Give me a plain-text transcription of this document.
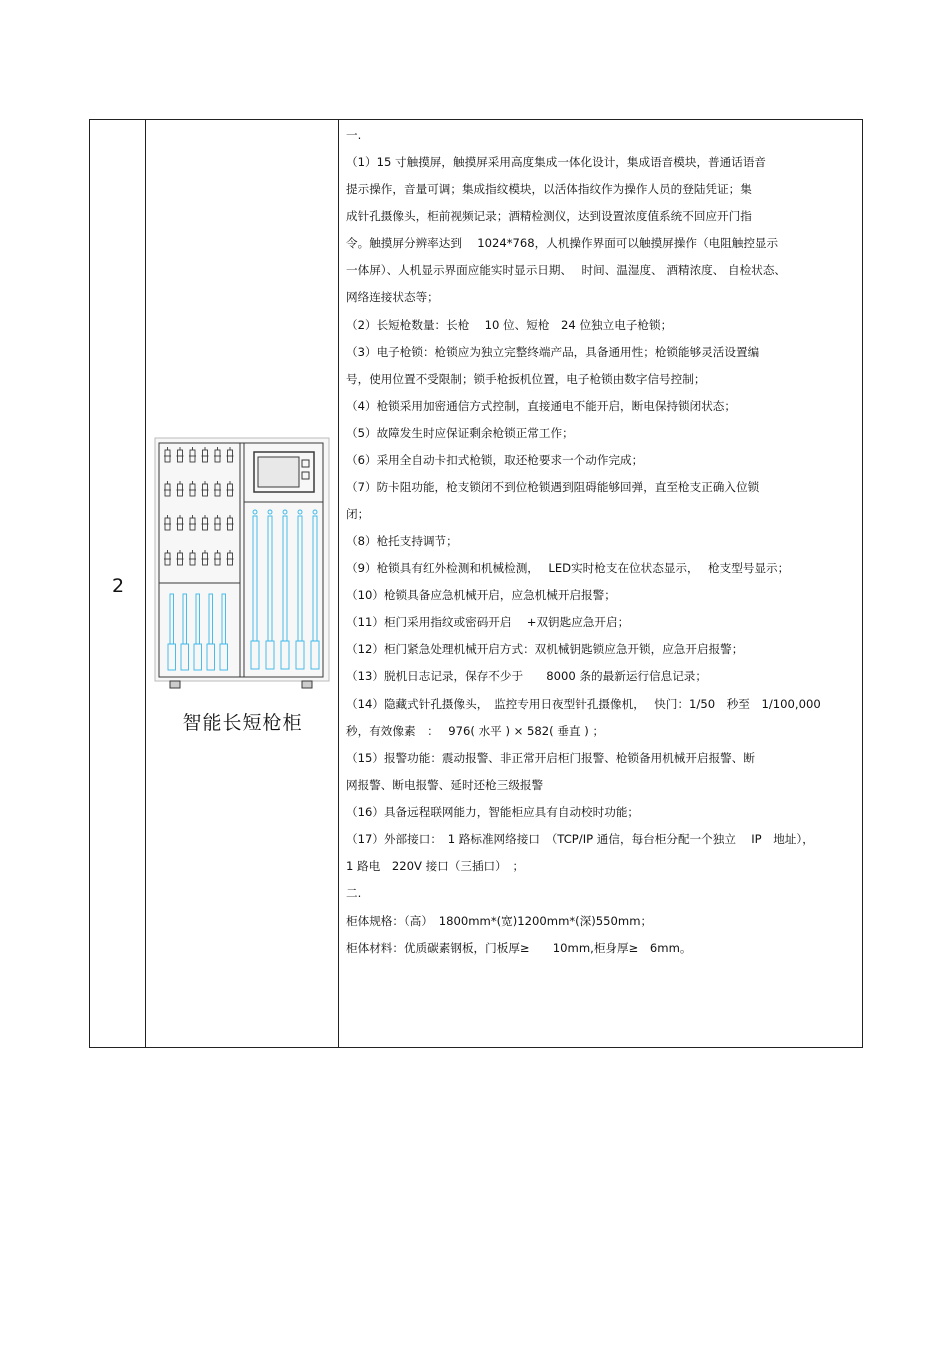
2
智能长短枪柜
一.
（1）15 寸触摸屏，触摸屏采用高度集成一体化设计，集成语音模块，普通话语音
提示操作，音量可调；集成指纹模块，以活体指纹作为操作人员的登陆凭证；集
成针孔摄像头，柜前视频记录；酒精检测仪，达到设置浓度值系统不回应开门指
令。触摸屏分辨率达到　 1024*768，人机操作界面可以触摸屏操作（电阻触控显示
一体屏）、人机显示界面应能实时显示日期、　 时间、温湿度、 酒精浓度、 自检状态、
网络连接状态等；
（2）长短枪数量：长枪　 10 位、短枪　24 位独立电子枪锁；
（3）电子枪锁：枪锁应为独立完整终端产品，具备通用性；枪锁能够灵活设置编
号，使用位置不受限制；锁手枪扳机位置，电子枪锁由数字信号控制；
（4）枪锁采用加密通信方式控制，直接通电不能开启，断电保持锁闭状态；
（5）故障发生时应保证剩余枪锁正常工作；
（6）采用全自动卡扣式枪锁，取还枪要求一个动作完成；
（7）防卡阻功能，枪支锁闭不到位枪锁遇到阻碍能够回弹，直至枪支正确入位锁
闭；
（8）枪托支持调节；
（9）枪锁具有红外检测和机械检测，　 LED实时枪支在位状态显示，　 枪支型号显示；
（10）枪锁具备应急机械开启，应急机械开启报警；
（11）柜门采用指纹或密码开启　 +双钥匙应急开启；
（12）柜门紧急处理机械开启方式：双机械钥匙锁应急开锁，应急开启报警；
（13）脱机日志记录，保存不少于　　8000 条的最新运行信息记录；
（14）隐藏式针孔摄像头，　监控专用日夜型针孔摄像机，　 快门：1/50　秒至　1/100,000
秒，有效像素　：　 976( 水平 ) × 582( 垂直 ) ；
（15）报警功能：震动报警、非正常开启柜门报警、枪锁备用机械开启报警、断
网报警、断电报警、延时还枪三级报警
（16）具备远程联网能力，智能柜应具有自动校时功能；
（17）外部接口：　1 路标准网络接口　（TCP/IP 通信，每台柜分配一个独立　 IP　地址），
1 路电　220V 接口（三插口）　；
二.
柜体规格：（高）　1800mm*(宽)1200mm*(深)550mm；
柜体材料：优质碳素钢板，门板厚≥　　10mm,柜身厚≥　6mm。
